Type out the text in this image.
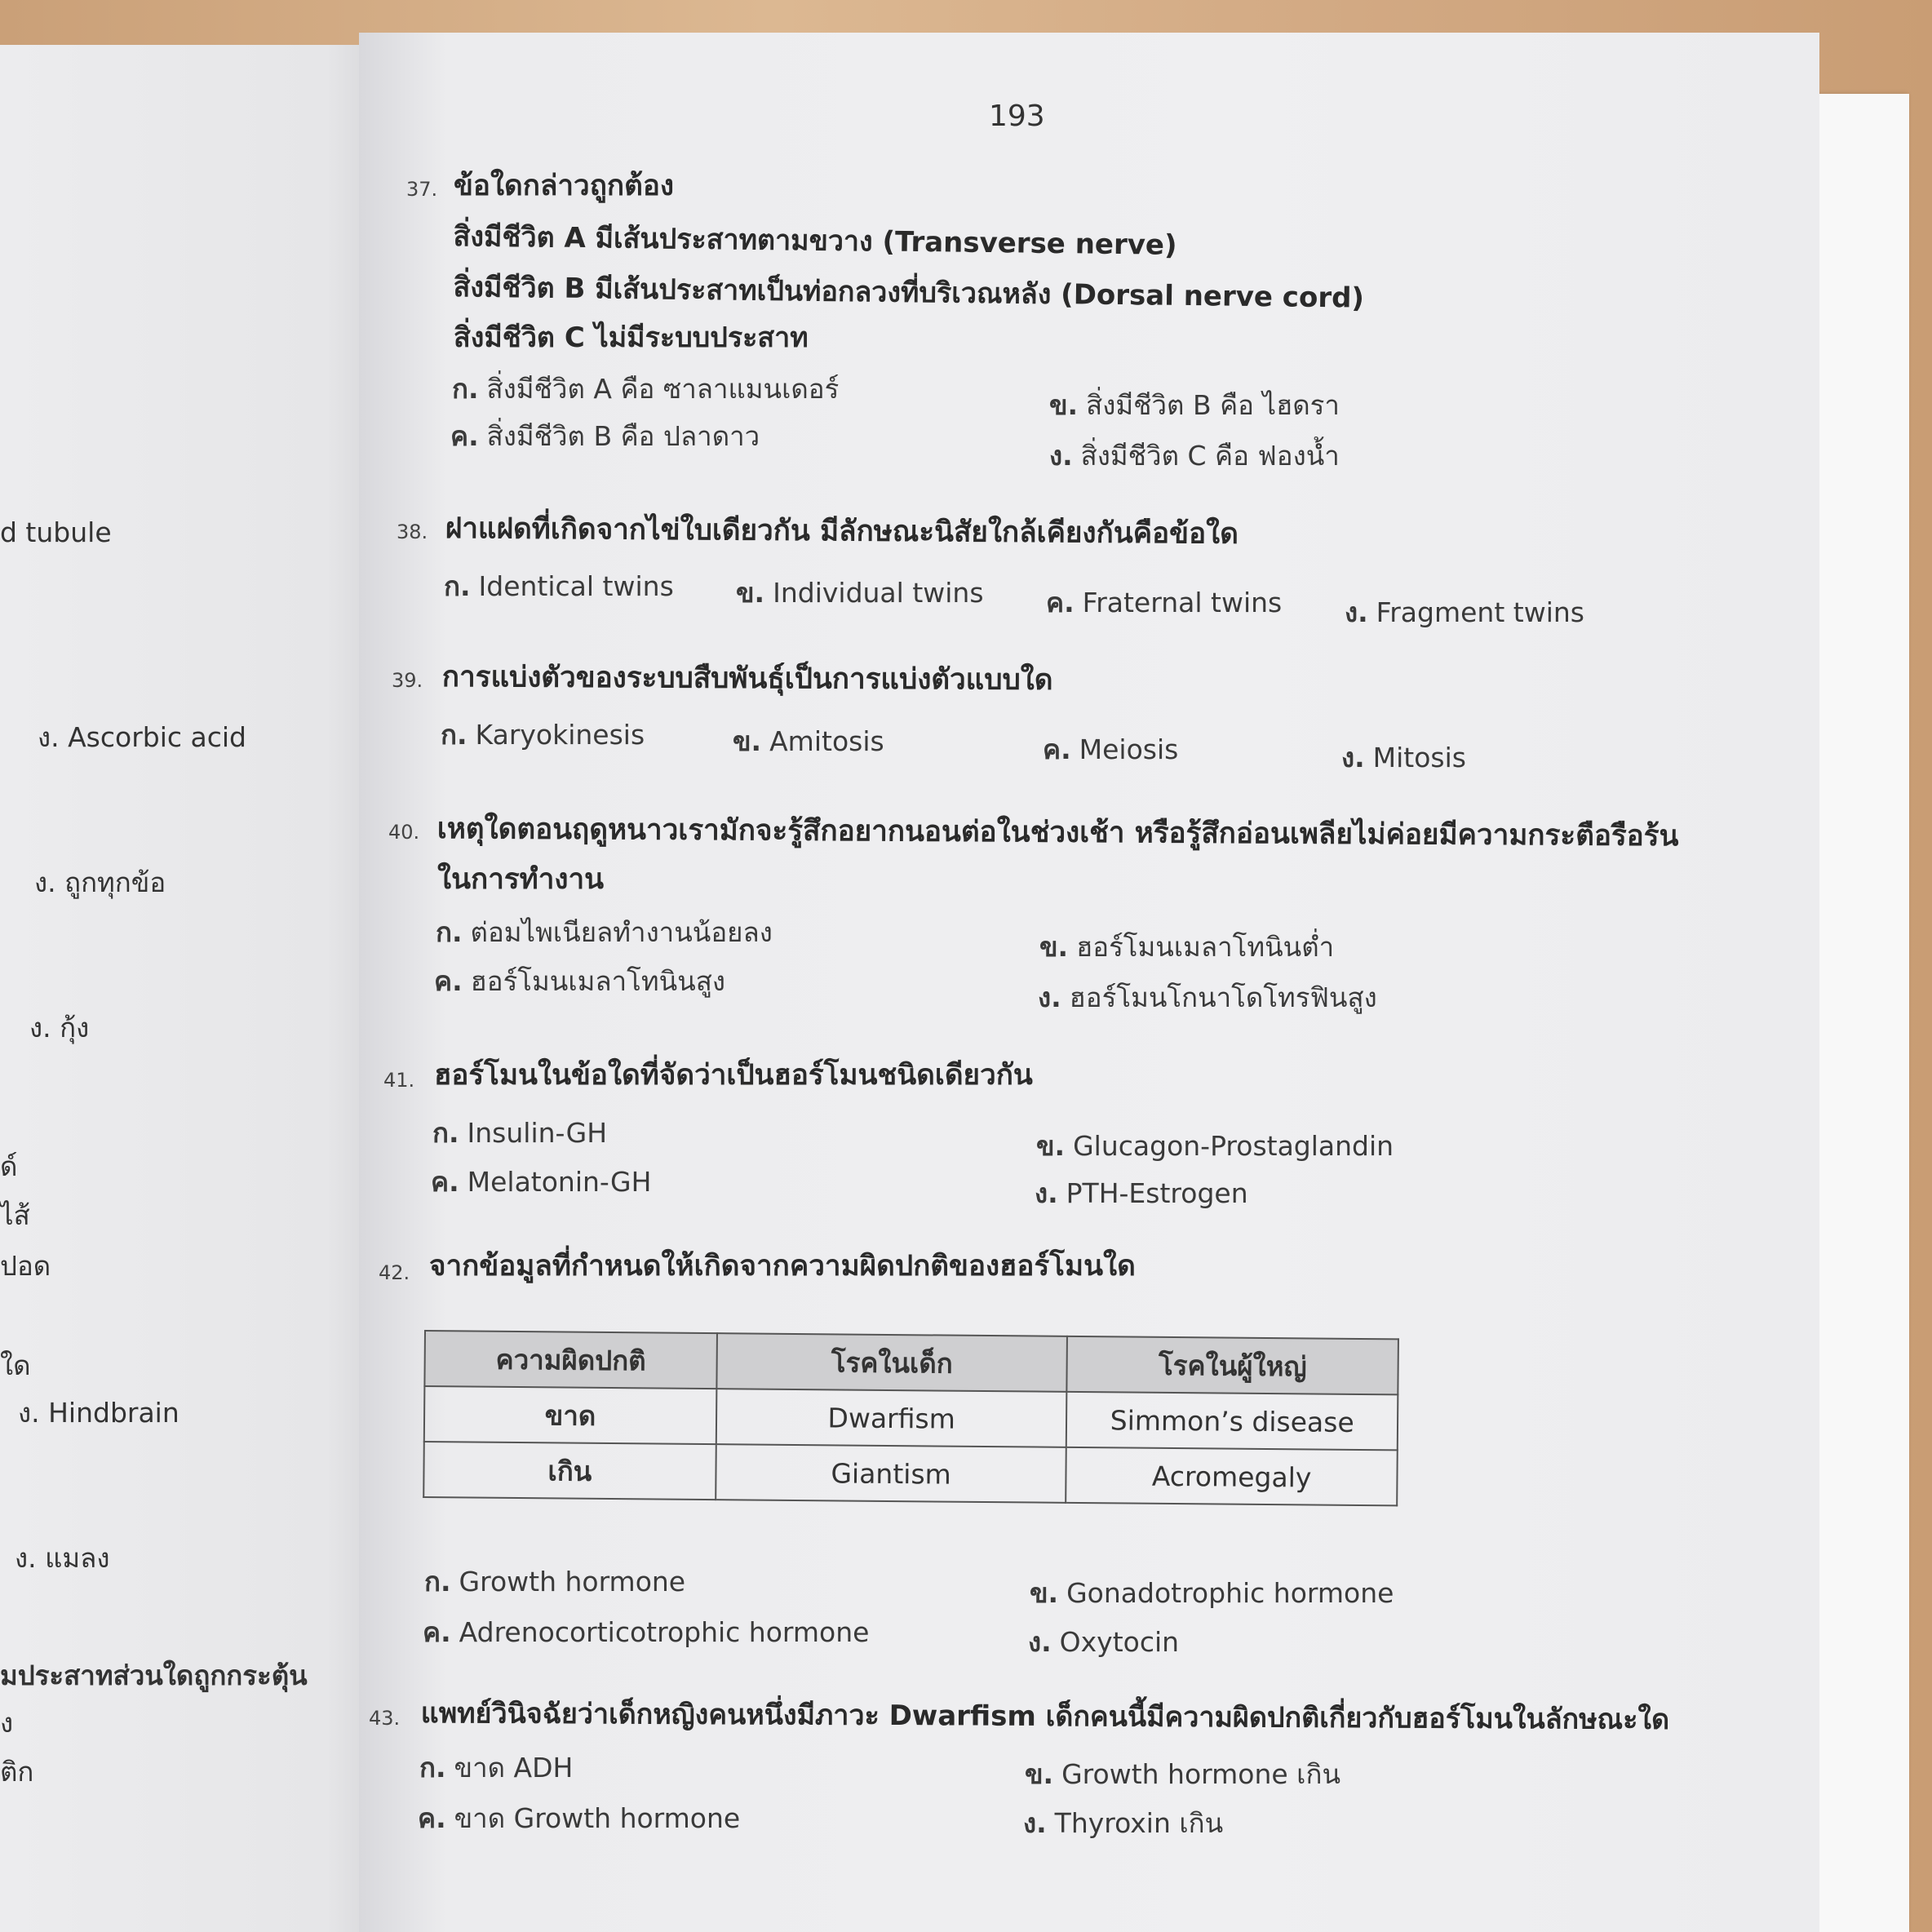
d tubule
ง. Ascorbic acid
ง. ถูกทุกข้อ
ง. กุ้ง
ด์
ไส้
ปอด
ใด
ง. Hindbrain
ง. แมลง
มประสาทส่วนใดถูกกระตุ้น
ง
ติก
193
37. ข้อใดกล่าวถูกต้อง
สิ่งมีชีวิต A มีเส้นประสาทตามขวาง (Transverse nerve)
สิ่งมีชีวิต B มีเส้นประสาทเป็นท่อกลวงที่บริเวณหลัง (Dorsal nerve cord)
สิ่งมีชีวิต C ไม่มีระบบประสาท
ก. สิ่งมีชีวิต A คือ ซาลาแมนเดอร์
ข. สิ่งมีชีวิต B คือ ไฮดรา
ค. สิ่งมีชีวิต B คือ ปลาดาว
ง. สิ่งมีชีวิต C คือ ฟองน้ำ
38. ฝาแฝดที่เกิดจากไข่ใบเดียวกัน มีลักษณะนิสัยใกล้เคียงกันคือข้อใด
ก. Identical twins ข. Individual twins ค. Fraternal twins ง. Fragment twins
39. การแบ่งตัวของระบบสืบพันธุ์เป็นการแบ่งตัวแบบใด
ก. Karyokinesis	ข. Amitosis	ค. Meiosis	ง. Mitosis
40. เหตุใดตอนฤดูหนาวเรามักจะรู้สึกอยากนอนต่อในช่วงเช้า หรือรู้สึกอ่อนเพลียไม่ค่อยมีความกระตือรือร้น
ในการทำงาน
ก. ต่อมไพเนียลทำงานน้อยลง	ข. ฮอร์โมนเมลาโทนินต่ำ
ค. ฮอร์โมนเมลาโทนินสูง
ง. ฮอร์โมนโกนาโดโทรฟินสูง
41. ฮอร์โมนในข้อใดที่จัดว่าเป็นฮอร์โมนชนิดเดียวกัน
ก. Insulin-GH	ข. Glucagon-Prostaglandin
ค. Melatonin-GH	ง. PTH-Estrogen
42. จากข้อมูลที่กำหนดให้เกิดจากความผิดปกติของฮอร์โมนใด
ความผิดปกติ	โรคในเด็ก	โรคในผู้ใหญ่
ขาด	Dwarfism	Simmon’s disease
เกิน	Giantism	Acromegaly
ก. Growth hormone	ข. Gonadotrophic hormone
ค. Adrenocorticotrophic hormone	ง. Oxytocin
43. แพทย์วินิจฉัยว่าเด็กหญิงคนหนึ่งมีภาวะ Dwarfism เด็กคนนี้มีความผิดปกติเกี่ยวกับฮอร์โมนในลักษณะใด
ก. ขาด ADH	ข. Growth hormone เกิน
ค. ขาด Growth hormone	ง. Thyroxin เกิน
